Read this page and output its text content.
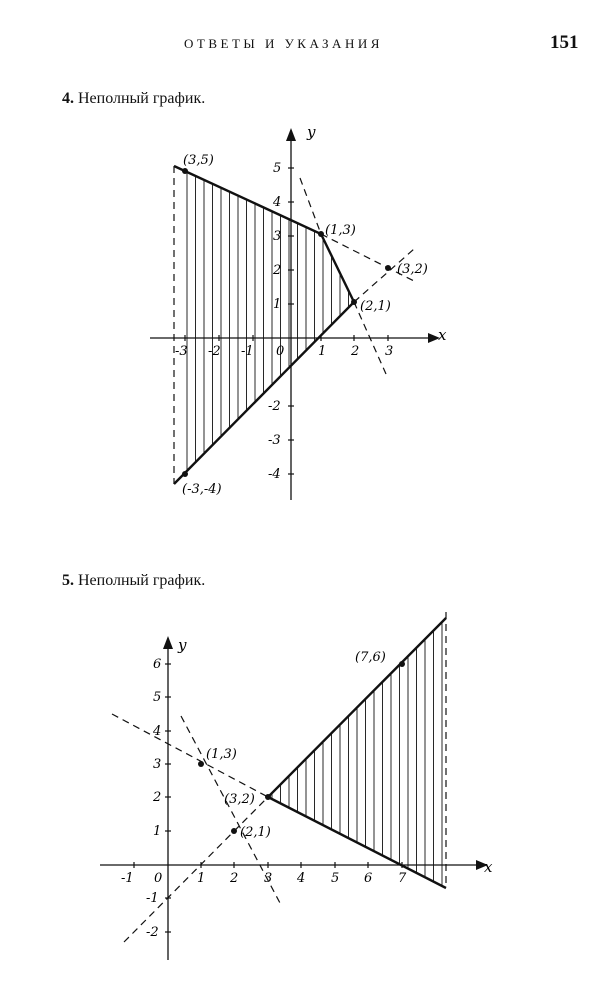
ОТВЕТЫ И УКАЗАНИЯ	151
4. Неполный график.
x
y
-3 -2 -1 0	1 2 3
5
4
3
2
1
-2
-3
-4
(3,5)
(1,3)
(3,2)
(2,1)
(-3,-4)
5. Неполный график.
x
y
-1 0	1 2 3 4 5 6 7
6
5
4
3
2
1
-1
-2
(7,6)
(1,3)
(3,2)
(2,1)
